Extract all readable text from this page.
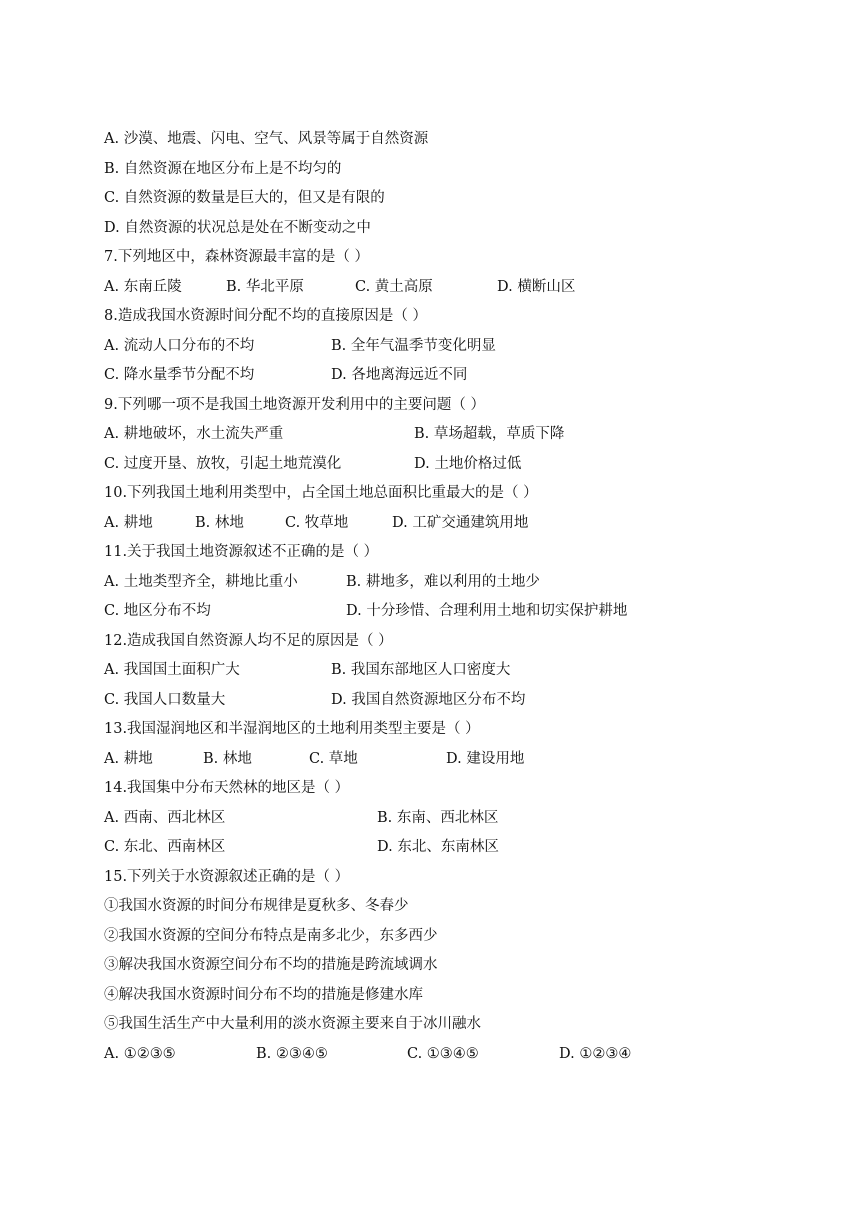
A. 沙漠、地震、闪电、空气、风景等属于自然资源
B. 自然资源在地区分布上是不均匀的
C. 自然资源的数量是巨大的，但又是有限的
D. 自然资源的状况总是处在不断变动之中
7.下列地区中，森林资源最丰富的是（ ）
A. 东南丘陵	B. 华北平原	C. 黄土高原	D. 横断山区
8.造成我国水资源时间分配不均的直接原因是（ ）
A. 流动人口分布的不均	B. 全年气温季节变化明显
C. 降水量季节分配不均	D. 各地离海远近不同
9.下列哪一项不是我国土地资源开发利用中的主要问题（ ）
A. 耕地破坏，水土流失严重	B. 草场超载，草质下降
C. 过度开垦、放牧，引起土地荒漠化	D. 土地价格过低
10.下列我国土地利用类型中，占全国土地总面积比重最大的是（ ）
A. 耕地	B. 林地	C. 牧草地	D. 工矿交通建筑用地
11.关于我国土地资源叙述不正确的是（ ）
A. 土地类型齐全，耕地比重小	B. 耕地多，难以利用的土地少
C. 地区分布不均	D. 十分珍惜、合理利用土地和切实保护耕地
12.造成我国自然资源人均不足的原因是（ ）
A. 我国国土面积广大	B. 我国东部地区人口密度大
C. 我国人口数量大	D. 我国自然资源地区分布不均
13.我国湿润地区和半湿润地区的土地利用类型主要是（ ）
A. 耕地	B. 林地	C. 草地	D. 建设用地
14.我国集中分布天然林的地区是（ ）
A. 西南、西北林区	B. 东南、西北林区
C. 东北、西南林区	D. 东北、东南林区
15.下列关于水资源叙述正确的是（ ）
①我国水资源的时间分布规律是夏秋多、冬春少
②我国水资源的空间分布特点是南多北少，东多西少
③解决我国水资源空间分布不均的措施是跨流域调水
④解决我国水资源时间分布不均的措施是修建水库
⑤我国生活生产中大量利用的淡水资源主要来自于冰川融水
A. ①②③⑤	B. ②③④⑤	C. ①③④⑤	D. ①②③④
